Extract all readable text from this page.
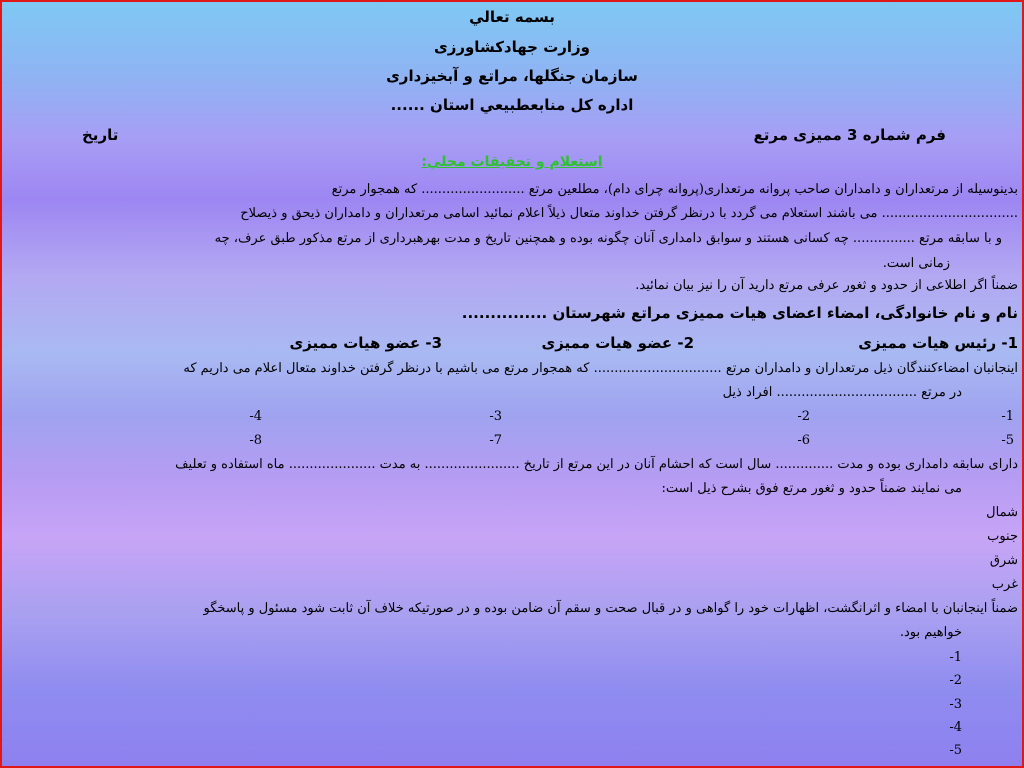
بسمه تعالي
وزارت جهادكشاورزی
سازمان جنگلها، مراتع و آبخيزداری
اداره كل منابعطبيعي استان ......
فرم شماره 3 مميزی مرتع
تاريخ
استعلام و تحقيقات محلي:
بدينوسيله از مرتعداران و دامداران صاحب پروانه مرتعداری(پروانه چرای دام)، مطلعين مرتع ......................... كه همجوار مرتع
................................. می باشند استعلام می گردد با درنظر گرفتن خداوند متعال ذيلاً اعلام نمائيد اسامی مرتعداران و دامداران ذيحق و ذيصلاح
و با سابقه مرتع ............... چه كسانی هستند و سوابق دامداری آنان چگونه بوده و همچنين تاريخ و مدت بهرهبرداری از مرتع مذكور طبق عرف، چه
زمانی است.
ضمناً اگر اطلاعی از حدود و ثغور عرفی مرتع داريد آن را نيز بيان نمائيد.
نام و نام خانوادگی، امضاء اعضای هيات مميزی مراتع شهرستان ...............
1- رئيس هيات مميزی
2- عضو هيات مميزی
3- عضو هيات مميزی
اينجانبان امضاءكنندگان ذيل مرتعداران و دامداران مرتع ............................... كه همجوار مرتع می باشيم با درنظر گرفتن خداوند متعال اعلام می داريم كه
در مرتع .................................. افراد ذيل
1-
2-
3-
4-
5-
6-
7-
8-
دارای سابقه دامداری بوده و مدت .............. سال است كه احشام آنان در اين مرتع از تاريخ ....................... به مدت ..................... ماه استفاده و تعليف
می نمايند ضمناً حدود و ثغور مرتع فوق بشرح ذيل است:
شمال
جنوب
شرق
غرب
ضمناً اينجانبان با امضاء و اثرانگشت، اظهارات خود را گواهی و در قبال صحت و سقم آن ضامن بوده و در صورتيكه خلاف آن ثابت شود مسئول و پاسخگو
خواهيم بود.
1-
2-
3-
4-
5-
